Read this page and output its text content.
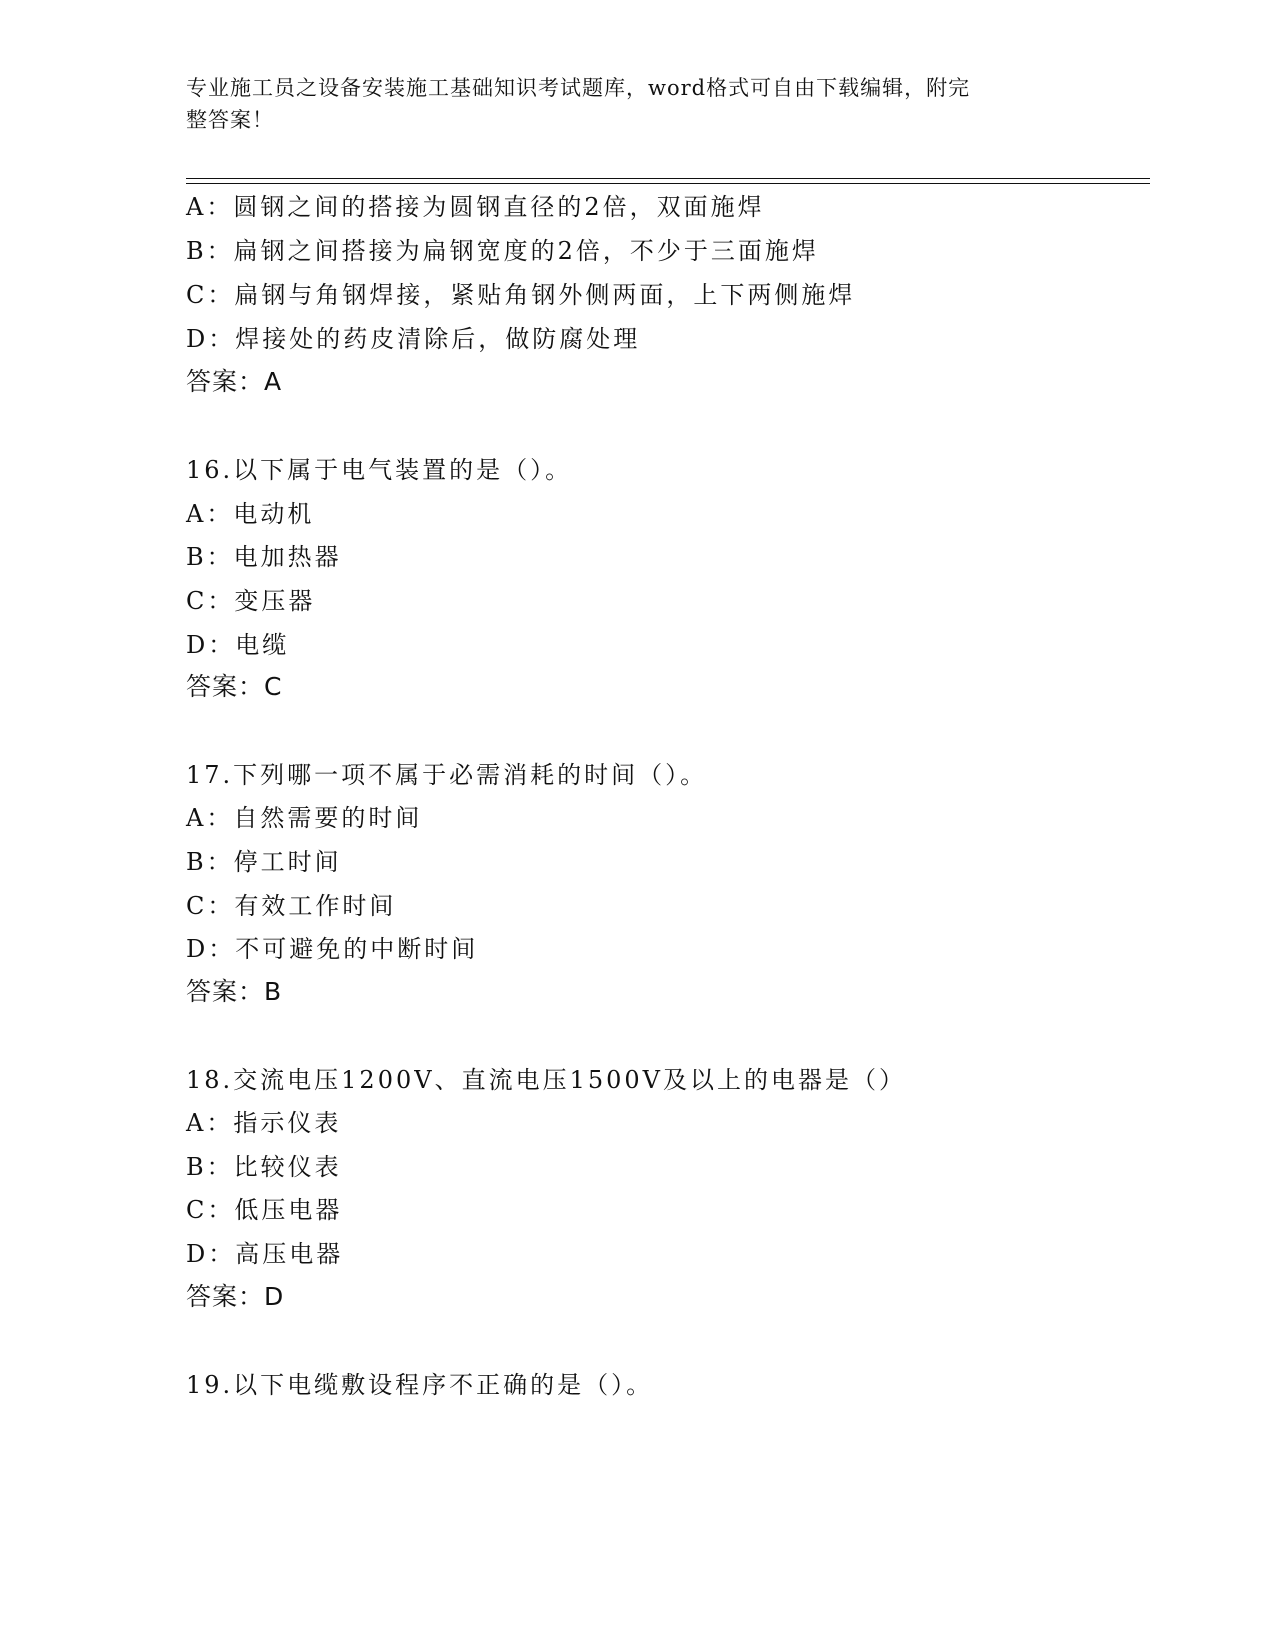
专业施工员之设备安装施工基础知识考试题库，word格式可自由下载编辑，附完
整答案！
A：圆钢之间的搭接为圆钢直径的2倍，双面施焊
B：扁钢之间搭接为扁钢宽度的2倍，不少于三面施焊
C：扁钢与角钢焊接，紧贴角钢外侧两面，上下两侧施焊
D：焊接处的药皮清除后，做防腐处理
答案：A
16.以下属于电气装置的是（）。
A：电动机
B：电加热器
C：变压器
D：电缆
答案：C
17.下列哪一项不属于必需消耗的时间（）。
A：自然需要的时间
B：停工时间
C：有效工作时间
D：不可避免的中断时间
答案：B
18.交流电压1200V、直流电压1500V及以上的电器是（）
A：指示仪表
B：比较仪表
C：低压电器
D：高压电器
答案：D
19.以下电缆敷设程序不正确的是（）。
